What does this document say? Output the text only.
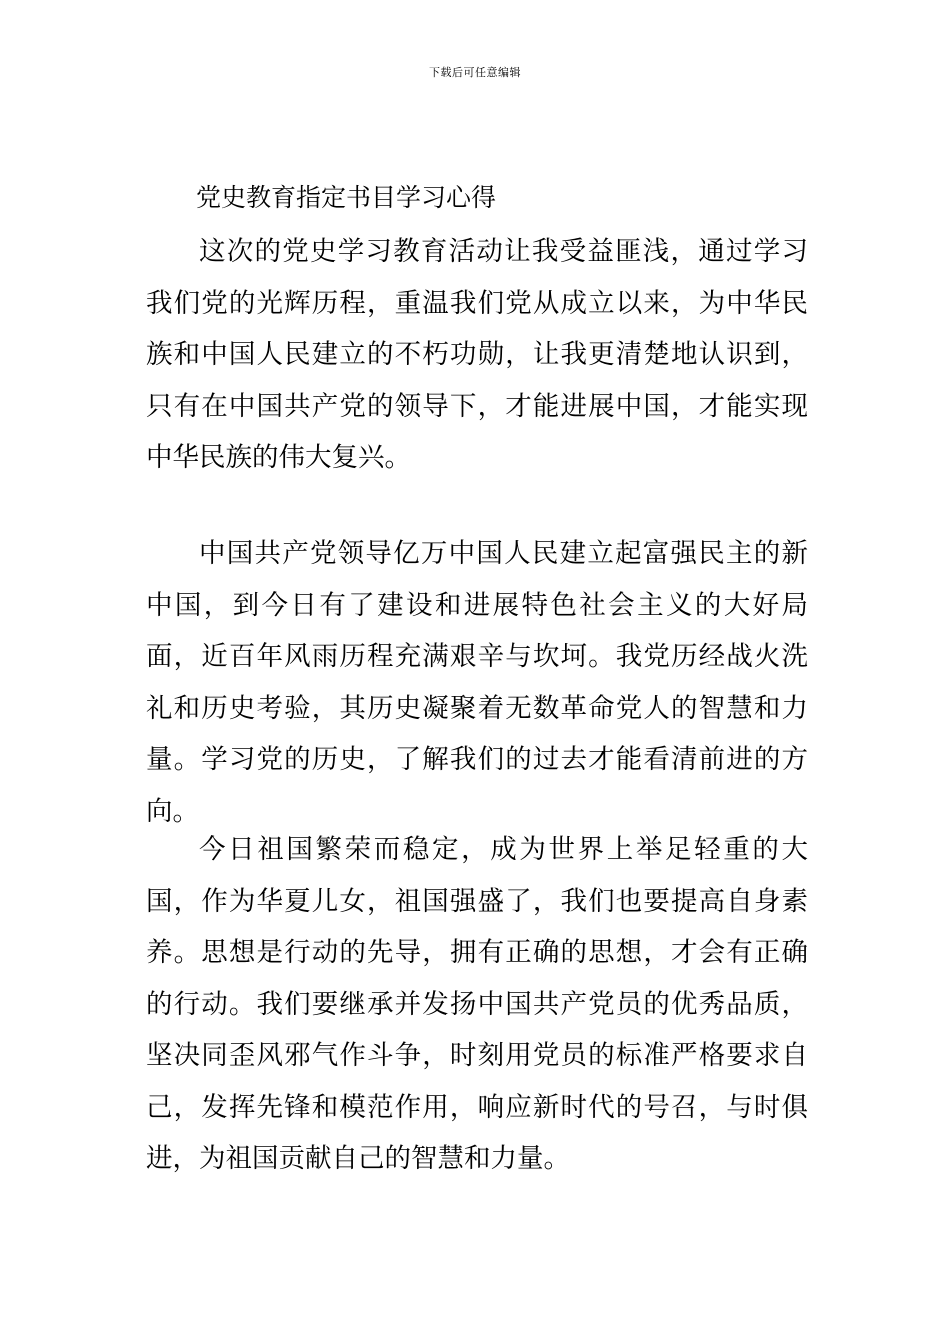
下载后可任意编辑
党史教育指定书目学习心得

这次的党史学习教育活动让我受益匪浅，通过学习我们党的光辉历程，重温我们党从成立以来，为中华民族和中国人民建立的不朽功勋，让我更清楚地认识到，只有在中国共产党的领导下，才能进展中国，才能实现中华民族的伟大复兴。

中国共产党领导亿万中国人民建立起富强民主的新中国，到今日有了建设和进展特色社会主义的大好局面，近百年风雨历程充满艰辛与坎坷。我党历经战火洗礼和历史考验，其历史凝聚着无数革命党人的智慧和力量。学习党的历史，了解我们的过去才能看清前进的方向。

今日祖国繁荣而稳定，成为世界上举足轻重的大国，作为华夏儿女，祖国强盛了，我们也要提高自身素养。思想是行动的先导，拥有正确的思想，才会有正确的行动。我们要继承并发扬中国共产党员的优秀品质，坚决同歪风邪气作斗争，时刻用党员的标准严格要求自己，发挥先锋和模范作用，响应新时代的号召，与时俱进，为祖国贡献自己的智慧和力量。
